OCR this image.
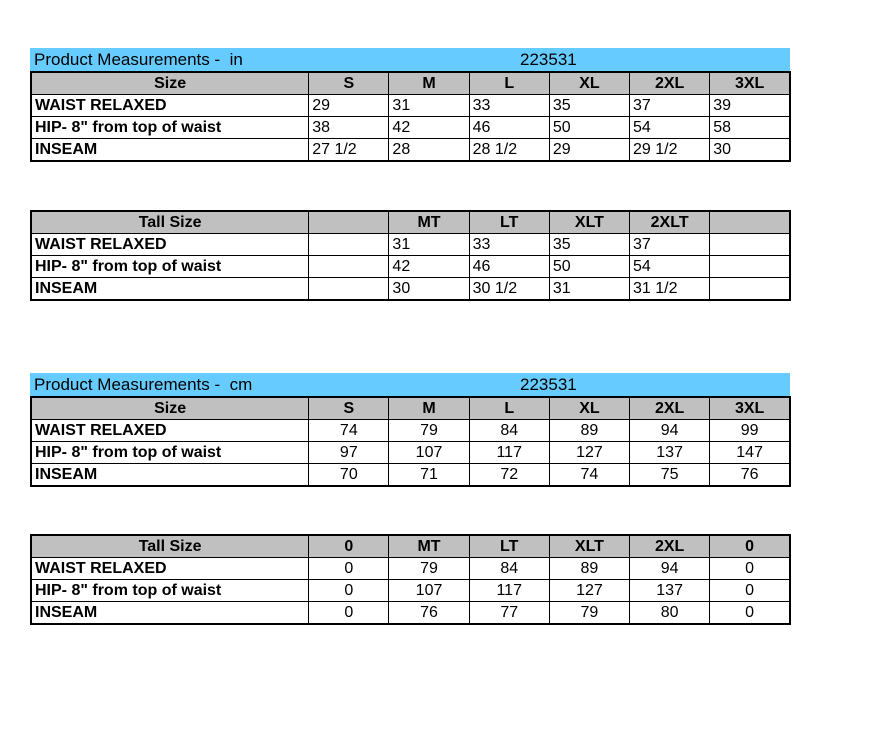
Product Measurements -  in	223531
Size	S	M	L	XL	2XL	3XL
WAIST RELAXED	29	31	33	35	37	39
HIP- 8" from top of waist	38	42	46	50	54	58
INSEAM	27 1/2	28	28 1/2	29	29 1/2	30
Tall Size		MT	LT	XLT	2XLT	
WAIST RELAXED		31	33	35	37	
HIP- 8" from top of waist		42	46	50	54	
INSEAM		30	30 1/2	31	31 1/2	
Product Measurements -  cm	223531
Size	S	M	L	XL	2XL	3XL
WAIST RELAXED	74	79	84	89	94	99
HIP- 8" from top of waist	97	107	117	127	137	147
INSEAM	70	71	72	74	75	76
Tall Size	0	MT	LT	XLT	2XL	0
WAIST RELAXED	0	79	84	89	94	0
HIP- 8" from top of waist	0	107	117	127	137	0
INSEAM	0	76	77	79	80	0
